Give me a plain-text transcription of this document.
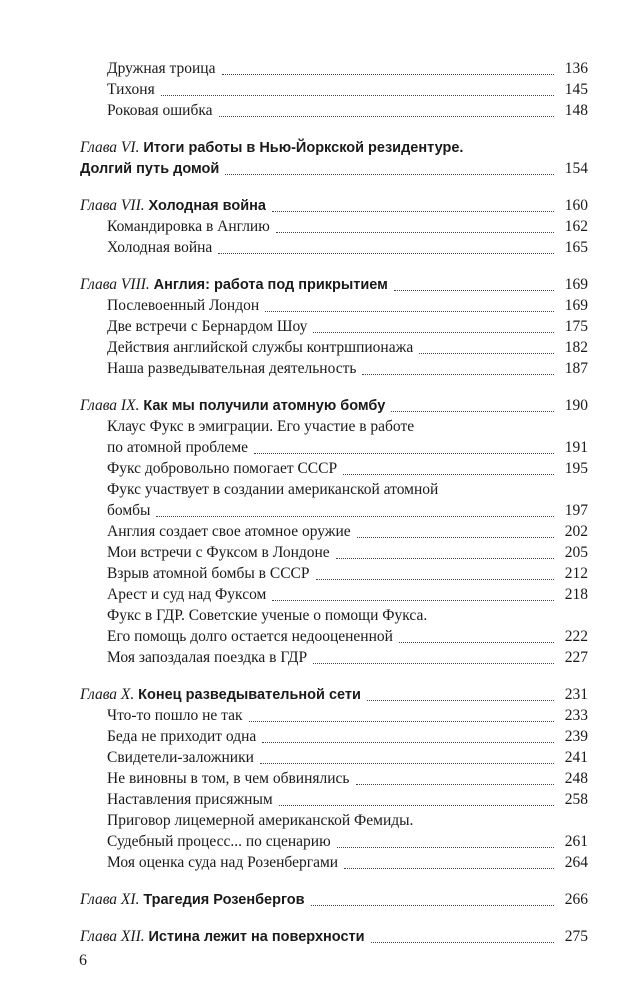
Дружная троица	136
Тихоня	145
Роковая ошибка	148
Глава VI. Итоги работы в Нью-Йоркской резидентуре.
Долгий путь домой	154
Глава VII. Холодная война	160
Командировка в Англию	162
Холодная война	165
Глава VIII. Англия: работа под прикрытием	169
Послевоенный Лондон	169
Две встречи с Бернардом Шоу	175
Действия английской службы контршпионажа	182
Наша разведывательная деятельность	187
Глава IX. Как мы получили атомную бомбу	190
Клаус Фукс в эмиграции. Его участие в работе
по атомной проблеме	191
Фукс добровольно помогает СССР	195
Фукс участвует в создании американской атомной
бомбы	197
Англия создает свое атомное оружие	202
Мои встречи с Фуксом в Лондоне	205
Взрыв атомной бомбы в СССР	212
Арест и суд над Фуксом	218
Фукс в ГДР. Советские ученые о помощи Фукса.
Его помощь долго остается недооцененной	222
Моя запоздалая поездка в ГДР	227
Глава X. Конец разведывательной сети	231
Что-то пошло не так	233
Беда не приходит одна	239
Свидетели-заложники	241
Не виновны в том, в чем обвинялись	248
Наставления присяжным	258
Приговор лицемерной американской Фемиды.
Судебный процесс... по сценарию	261
Моя оценка суда над Розенбергами	264
Глава XI. Трагедия Розенбергов	266
Глава XII. Истина лежит на поверхности	275
6
